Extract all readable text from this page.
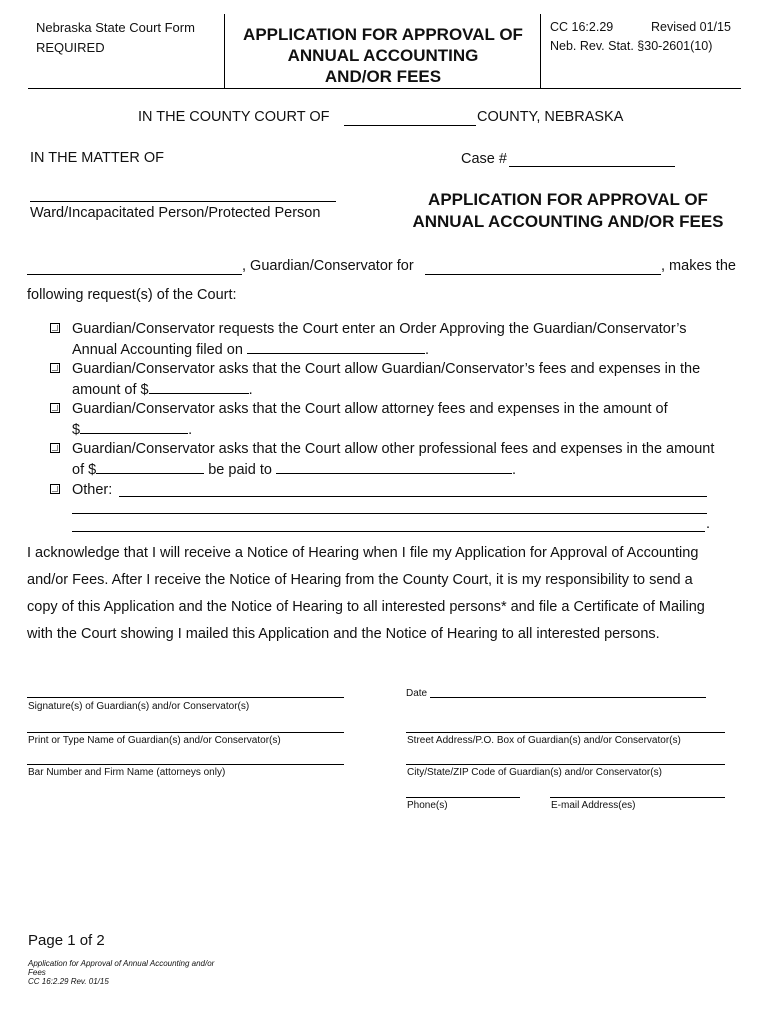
Nebraska State Court Form
REQUIRED
APPLICATION FOR APPROVAL OF
ANNUAL ACCOUNTING
AND/OR FEES
CC 16:2.29	Revised 01/15
Neb. Rev. Stat. §30-2601(10)
IN THE COUNTY COURT OF	COUNTY, NEBRASKA
IN THE MATTER OF	Case #
Ward/Incapacitated Person/Protected Person
APPLICATION FOR APPROVAL OF
ANNUAL ACCOUNTING AND/OR FEES
, Guardian/Conservator for	, makes the
following request(s) of the Court:
Guardian/Conservator requests the Court enter an Order Approving the Guardian/Conservator’s
Annual Accounting filed on	.
Guardian/Conservator asks that the Court allow Guardian/Conservator’s fees and expenses in the
amount of $	.
Guardian/Conservator asks that the Court allow attorney fees and expenses in the amount of
$	.
Guardian/Conservator asks that the Court allow other professional fees and expenses in the amount
of $	be paid to	.
Other:
.
I acknowledge that I will receive a Notice of Hearing when I file my Application for Approval of Accounting
and/or Fees. After I receive the Notice of Hearing from the County Court, it is my responsibility to send a
copy of this Application and the Notice of Hearing to all interested persons* and file a Certificate of Mailing
with the Court showing I mailed this Application and the Notice of Hearing to all interested persons.
Signature(s) of Guardian(s) and/or Conservator(s)
Date
Print or Type Name of Guardian(s) and/or Conservator(s)	Street Address/P.O. Box of Guardian(s) and/or Conservator(s)
Bar Number and Firm Name (attorneys only)	City/State/ZIP Code of Guardian(s) and/or Conservator(s)
Phone(s)	E-mail Address(es)
Page 1 of 2
Application for Approval of Annual Accounting and/or
Fees
CC 16:2.29 Rev. 01/15
